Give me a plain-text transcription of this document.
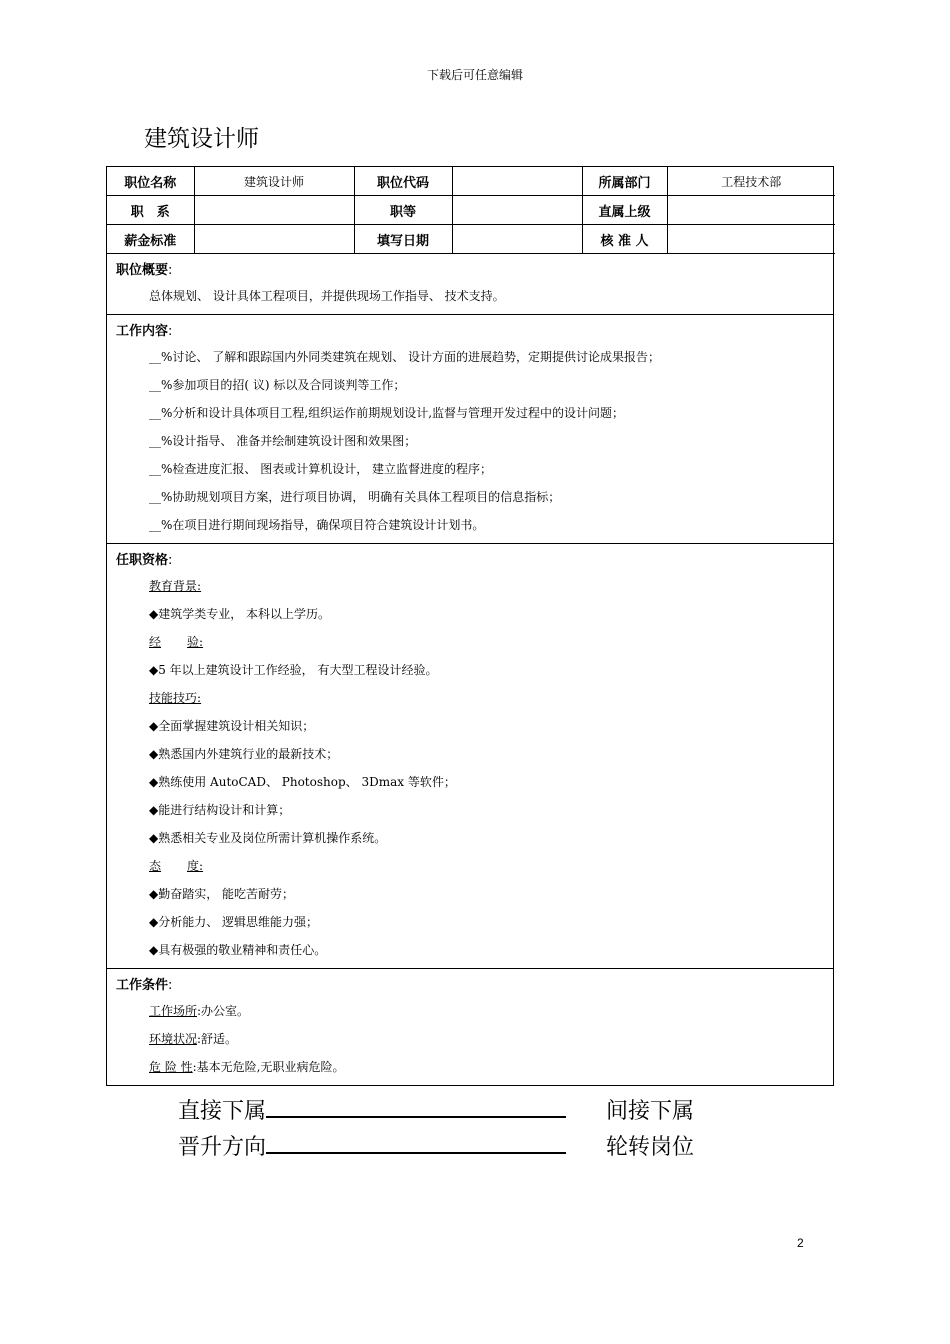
下载后可任意编辑
建筑设计师
职位名称	建筑设计师	职位代码		所属部门	工程技术部
职　系		职等		直属上级	
薪金标准		填写日期		核 准 人	
职位概要:
总体规划、 设计具体工程项目，并提供现场工作指导、 技术支持。
工作内容:
__%讨论、 了解和跟踪国内外同类建筑在规划、 设计方面的进展趋势，定期提供讨论成果报告；
__%参加项目的招( 议) 标以及合同谈判等工作；
__%分析和设计具体项目工程,组织运作前期规划设计,监督与管理开发过程中的设计问题；
__%设计指导、 准备并绘制建筑设计图和效果图；
__%检查进度汇报、 图表或计算机设计， 建立监督进度的程序；
__%协助规划项目方案，进行项目协调， 明确有关具体工程项目的信息指标；
__%在项目进行期间现场指导，确保项目符合建筑设计计划书。
任职资格:
教育背景:
◆建筑学类专业， 本科以上学历。
经 验:
◆5 年以上建筑设计工作经验， 有大型工程设计经验。
技能技巧:
◆全面掌握建筑设计相关知识；
◆熟悉国内外建筑行业的最新技术；
◆熟练使用 AutoCAD、 Photoshop、 3Dmax 等软件；
◆能进行结构设计和计算；
◆熟悉相关专业及岗位所需计算机操作系统。
态 度:
◆勤奋踏实， 能吃苦耐劳；
◆分析能力、 逻辑思维能力强；
◆具有极强的敬业精神和责任心。
工作条件:
工作场所:办公室。
环境状况:舒适。
危 险 性:基本无危险,无职业病危险。
直接下属	间接下属
晋升方向	轮转岗位
2
